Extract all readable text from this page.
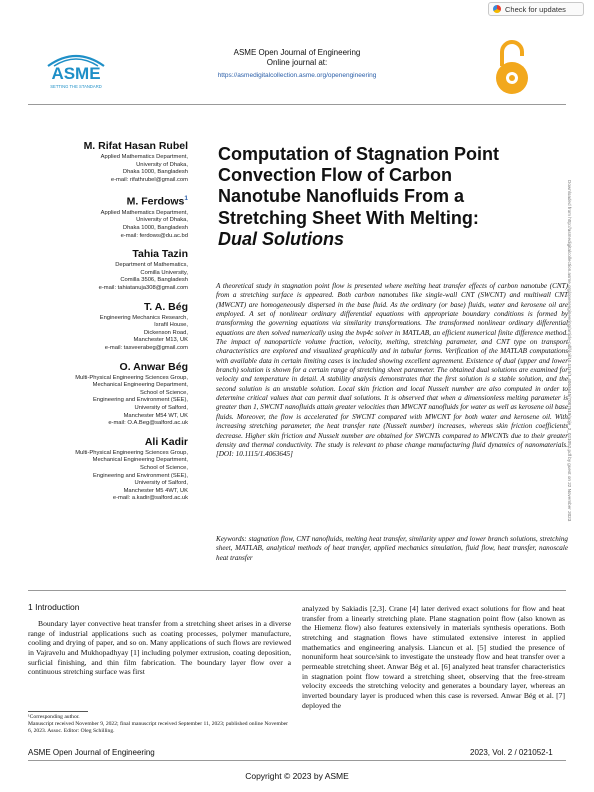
Check for updates
ASME
SETTING THE STANDARD
ASME Open Journal of Engineering
Online journal at:
https://asmedigitalcollection.asme.org/openengineering
M. Rifat Hasan Rubel
Applied Mathematics Department,
University of Dhaka,
Dhaka 1000, Bangladesh
e-mail: rifathrubel@gmail.com
M. Ferdows$^1$
Applied Mathematics Department,
University of Dhaka,
Dhaka 1000, Bangladesh
e-mail: ferdows@du.ac.bd
Tahia Tazin
Department of Mathematics,
Comilla University,
Comilla 3506, Bangladesh
e-mail: tahiatanuja308@gmail.com
T. A. Bég
Engineering Mechanics Research,
Israfil House,
Dickenson Road,
Manchester M13, UK
e-mail: tasveerabeg@gmail.com
O. Anwar Bég
Multi-Physical Engineering Sciences Group,
Mechanical Engineering Department,
School of Science,
Engineering and Environment (SEE),
University of Salford,
Manchester M54 WT, UK
e-mail: O.A.Beg@salford.ac.uk
Ali Kadir
Multi-Physical Engineering Sciences Group,
Mechanical Engineering Department,
School of Science,
Engineering and Environment (SEE),
University of Salford,
Manchester M5 4WT, UK
e-mail: a.kadir@salford.ac.uk
Computation of Stagnation Point Convection Flow of Carbon Nanotube Nanofluids From a Stretching Sheet With Melting: Dual Solutions
A theoretical study in stagnation point flow is presented where melting heat transfer effects of carbon nanotube (CNT) from a stretching surface is appeared. Both carbon nanotubes like single-wall CNT (SWCNT) and multiwall CNT (MWCNT) are homogeneously dispersed in the base fluid. As the ordinary (or base) fluids, water and kerosene oil are employed. A set of nonlinear ordinary differential equations with appropriate boundary conditions is formed by transforming the governing equations via similarity transformations. The transformed nonlinear ordinary differential equations are then solved numerically using the bvp4c solver in MATLAB, an efficient numerical finite difference method. The impact of nanoparticle volume fraction, velocity, melting, stretching parameter, and CNT type on transport characteristics are explored and visualized graphically and in tabular forms. Verification of the MATLAB computations with available data in certain limiting cases is included showing excellent agreement. Existence of dual (upper and lower branch) solution is shown for a certain range of stretching sheet parameter. The obtained dual solutions are examined for velocity and temperature in detail. A stability analysis demonstrates that the first solution is a stable solution, and the second solution is an unstable solution. Local skin friction and local Nusselt number are also computed in order to determine critical values that can permit dual solutions. It is observed that when a dimensionless melting parameter is greater than 1, SWCNT nanofluids attain greater velocities than MWCNT nanofluids for water as well as kerosene oil base fluids. Moreover, the flow is accelerated for SWCNT compared with MWCNT for both water and kerosene oil. With increasing stretching parameter, the heat transfer rate (Nusselt number) increases, whereas skin friction coefficients decrease. Higher skin friction and Nusselt number are obtained for SWCNTs compared to MWCNTs due to their greater density and thermal conductivity. The study is relevant to phase change manufacturing fluid dynamics of nanomaterials. [DOI: 10.1115/1.4063645]
Keywords: stagnation flow, CNT nanofluids, melting heat transfer, similarity upper and lower branch solutions, stretching sheet, MATLAB, analytical methods of heat transfer, applied mechanics simulation, fluid flow, heat transfer, nanoscale heat transfer
Downloaded from http://asmedigitalcollection.asme.org/openengineering/article-pdf/doi/10.1115/1.4063645/7087519/aoje_2_021052.pdf by guest on 22 November 2023
1 Introduction
Boundary layer convective heat transfer from a stretching sheet arises in a diverse range of industrial applications such as coating processes, polymer manufacture, cooling and drying of paper, and so on. Many applications of such flows are reviewed in Vajravelu and Mukhopadhyay [1] including polymer extrusion, coating deposition, surficial finishing, and thin film fabrication. The boundary layer flow over a continuous stretching surface was first
analyzed by Sakiadis [2,3]. Crane [4] later derived exact solutions for flow and heat transfer from a linearly stretching plate. Plane stagnation point flow (also known as the Hiemenz flow) also features extensively in materials synthesis operations. Both stretching and stagnation flows have stimulated extensive interest in applied mathematics and engineering analysis. Liancun et al. [5] studied the presence of nonuniform heat source/sink to investigate the unsteady flow and heat transfer over a permeable stretching sheet. Anwar Bég et al. [6] analyzed heat transfer characteristics in stagnation point flow toward a stretching sheet, observing that the free-stream velocity exceeds the stretching velocity and generates a boundary layer, whereas an inverted boundary layer is produced when this case is reversed. Anwar Bég et al. [7] deployed the
¹Corresponding author.
Manuscript received November 9, 2022; final manuscript received September 11, 2023; published online November 6, 2023. Assoc. Editor: Oleg Schilling.
ASME Open Journal of Engineering	2023, Vol. 2 / 021052-1
Copyright © 2023 by ASME
